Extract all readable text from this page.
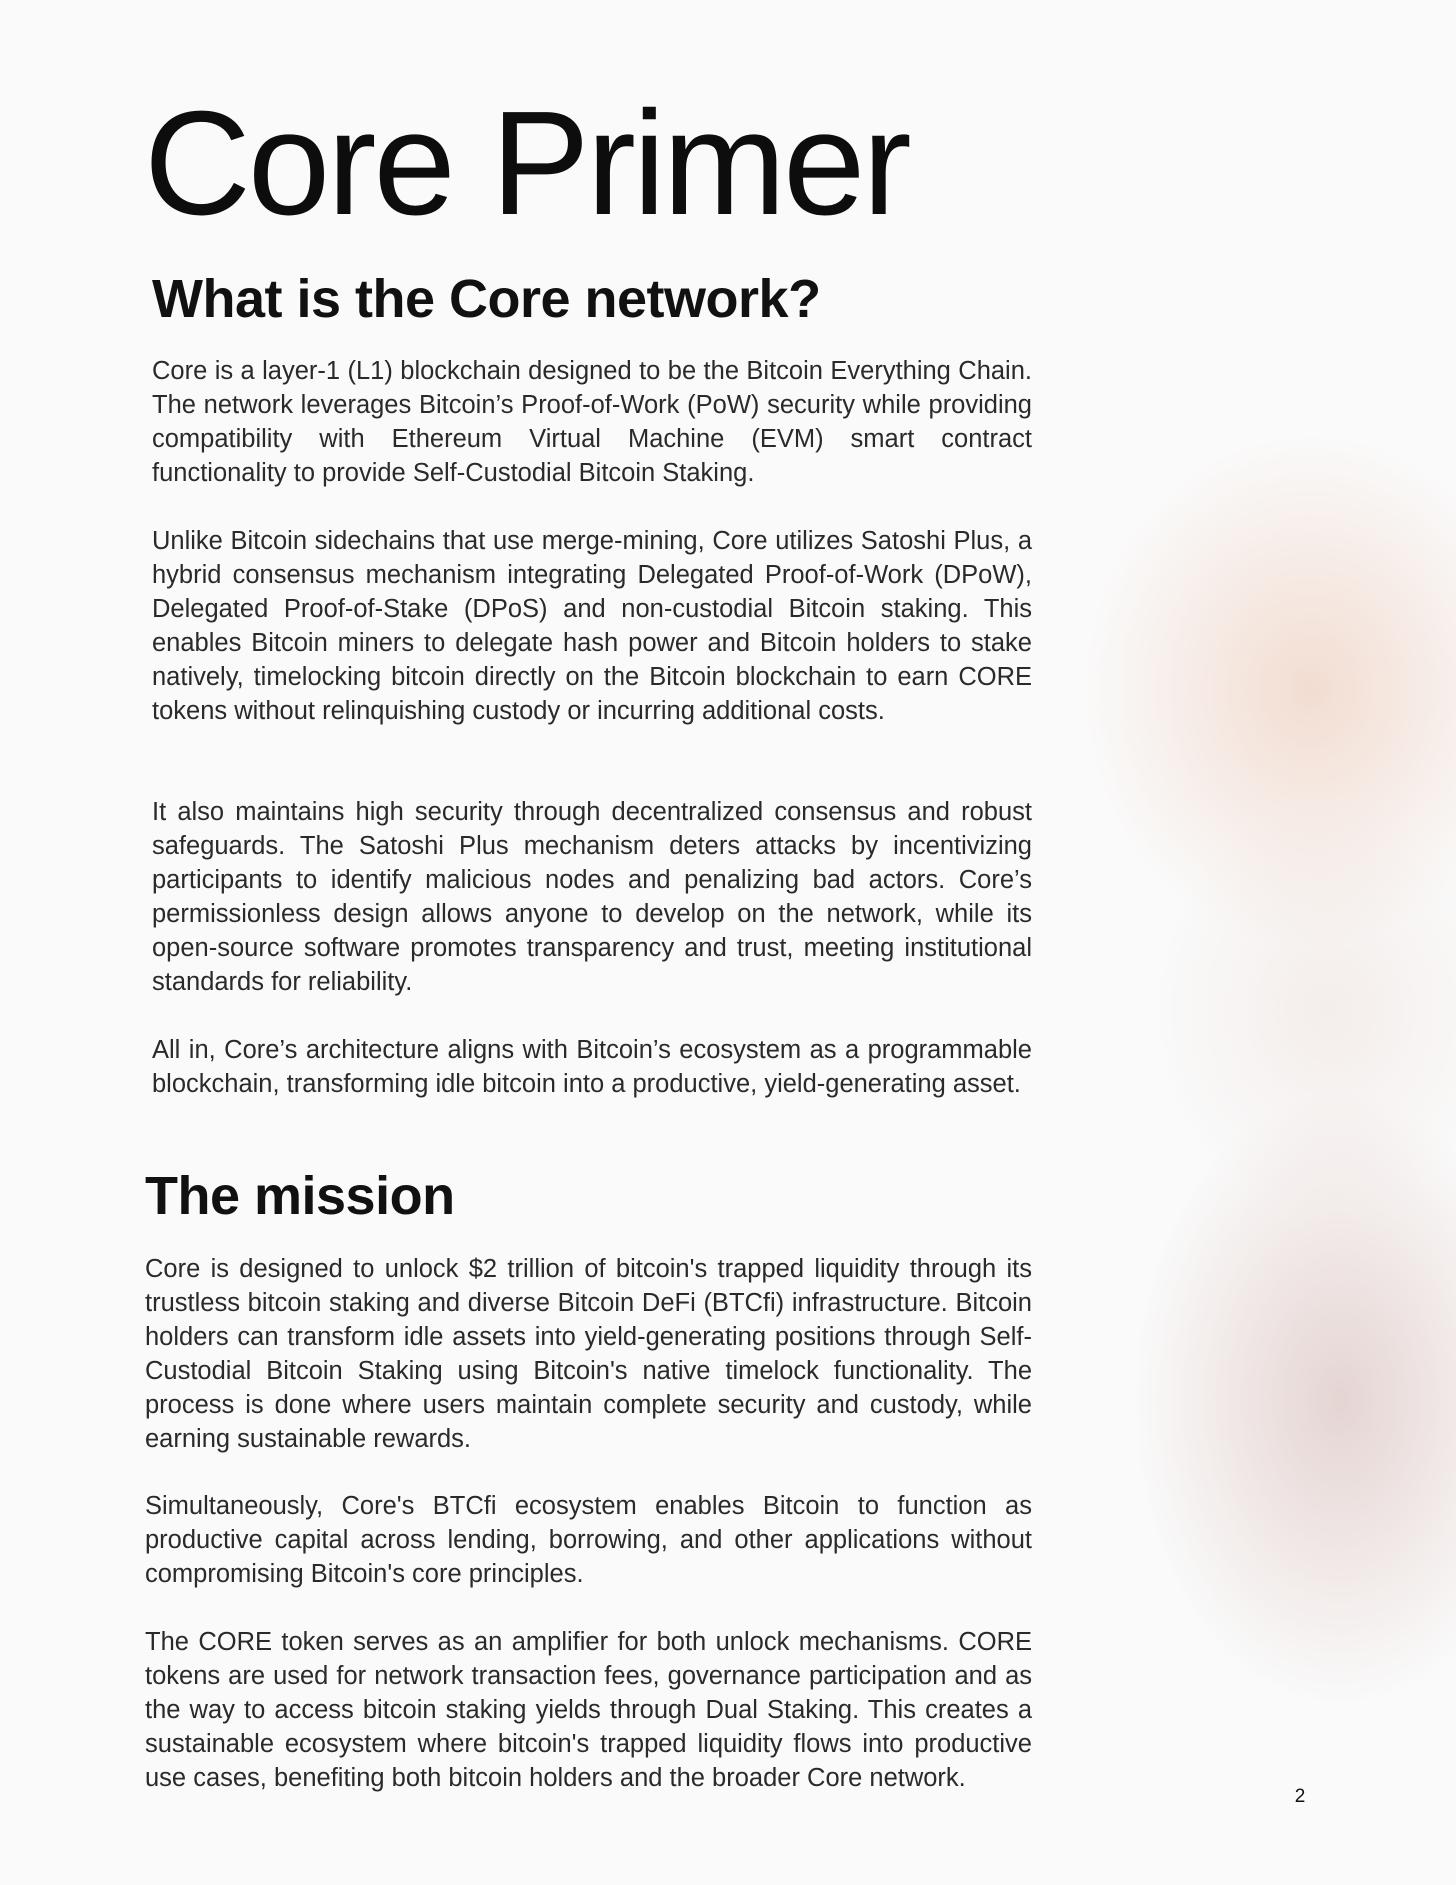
Core Primer
What is the Core network?

Core is a layer-1 (L1) blockchain designed to be the Bitcoin Everything Chain. The network leverages Bitcoin’s Proof-of-Work (PoW) security while providing compatibility with Ethereum Virtual Machine (EVM) smart contract functionality to provide Self-Custodial Bitcoin Staking.

Unlike Bitcoin sidechains that use merge-mining, Core utilizes Satoshi Plus, a hybrid consensus mechanism integrating Delegated Proof-of-Work (DPoW), Delegated Proof-of-Stake (DPoS) and non-custodial Bitcoin staking. This enables Bitcoin miners to delegate hash power and Bitcoin holders to stake natively, timelocking bitcoin directly on the Bitcoin blockchain to earn CORE tokens without relinquishing custody or incurring additional costs.

It also maintains high security through decentralized consensus and robust safeguards. The Satoshi Plus mechanism deters attacks by incentivizing participants to identify malicious nodes and penalizing bad actors. Core’s permissionless design allows anyone to develop on the network, while its open-source software promotes transparency and trust, meeting institutional standards for reliability.

All in, Core’s architecture aligns with Bitcoin’s ecosystem as a programmable blockchain, transforming idle bitcoin into a productive, yield-generating asset.

The mission

Core is designed to unlock $2 trillion of bitcoin's trapped liquidity through its trustless bitcoin staking and diverse Bitcoin DeFi (BTCfi) infrastructure. Bitcoin holders can transform idle assets into yield-generating positions through Self-Custodial Bitcoin Staking using Bitcoin's native timelock functionality. The process is done where users maintain complete security and custody, while earning sustainable rewards.

Simultaneously, Core's BTCfi ecosystem enables Bitcoin to function as productive capital across lending, borrowing, and other applications without compromising Bitcoin's core principles.

The CORE token serves as an amplifier for both unlock mechanisms. CORE tokens are used for network transaction fees, governance participation and as the way to access bitcoin staking yields through Dual Staking. This creates a sustainable ecosystem where bitcoin's trapped liquidity flows into productive use cases, benefiting both bitcoin holders and the broader Core network.

2
